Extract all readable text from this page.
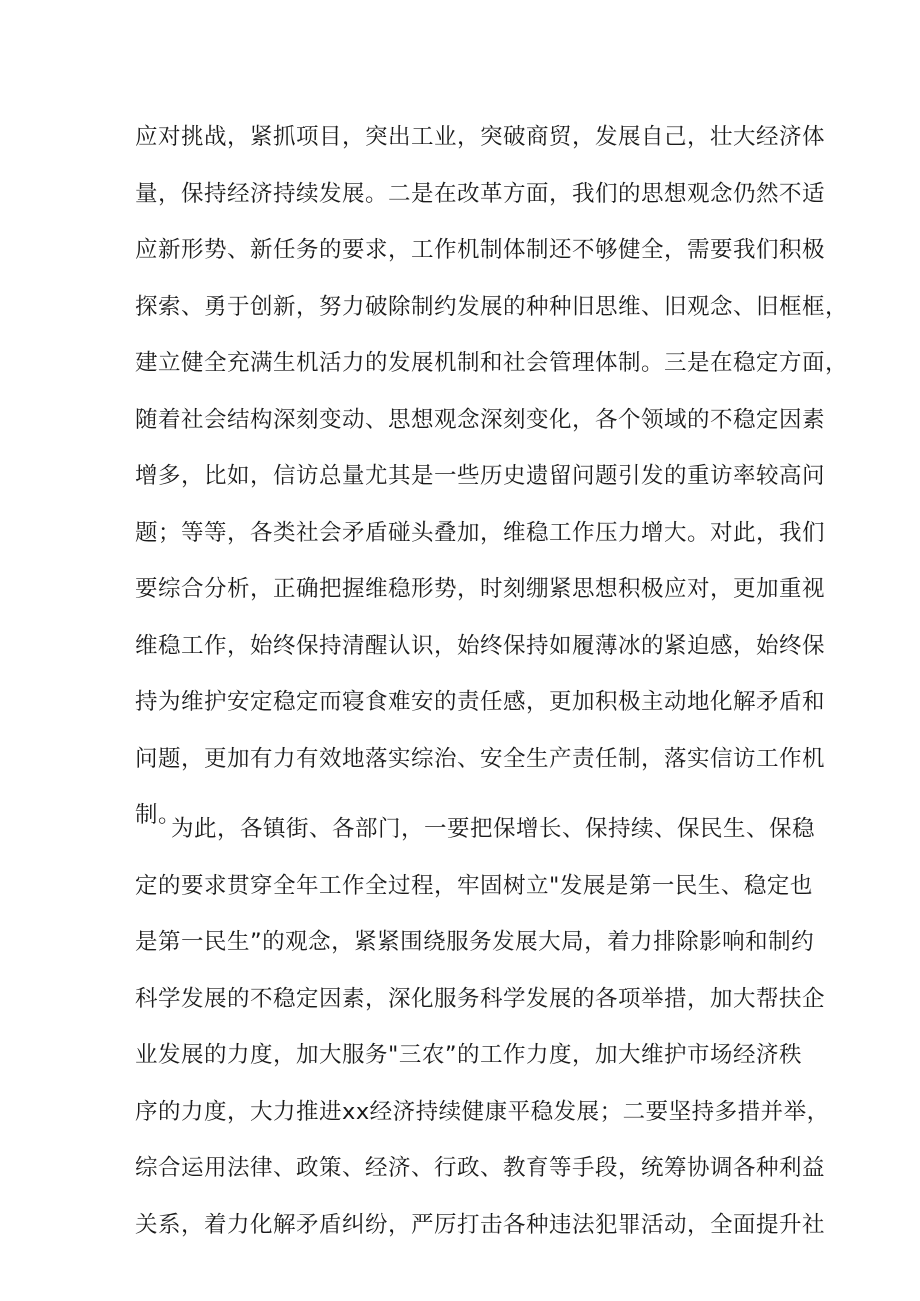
应对挑战，紧抓项目，突出工业，突破商贸，发展自己，壮大经济体
量，保持经济持续发展。二是在改革方面，我们的思想观念仍然不适
应新形势、新任务的要求，工作机制体制还不够健全，需要我们积极
探索、勇于创新，努力破除制约发展的种种旧思维、旧观念、旧框框，
建立健全充满生机活力的发展机制和社会管理体制。三是在稳定方面，
随着社会结构深刻变动、思想观念深刻变化，各个领域的不稳定因素
增多，比如，信访总量尤其是一些历史遗留问题引发的重访率较高问
题；等等，各类社会矛盾碰头叠加，维稳工作压力增大。对此，我们
要综合分析，正确把握维稳形势，时刻绷紧思想积极应对，更加重视
维稳工作，始终保持清醒认识，始终保持如履薄冰的紧迫感，始终保
持为维护安定稳定而寝食难安的责任感，更加积极主动地化解矛盾和
问题，更加有力有效地落实综治、安全生产责任制，落实信访工作机
制。

为此，各镇街、各部门，一要把保增长、保持续、保民生、保稳
定的要求贯穿全年工作全过程，牢固树立"发展是第一民生、稳定也
是第一民生”的观念，紧紧围绕服务发展大局，着力排除影响和制约
科学发展的不稳定因素，深化服务科学发展的各项举措，加大帮扶企
业发展的力度，加大服务"三农”的工作力度，加大维护市场经济秩
序的力度，大力推进xx经济持续健康平稳发展；二要坚持多措并举，
综合运用法律、政策、经济、行政、教育等手段，统筹协调各种利益
关系，着力化解矛盾纠纷，严厉打击各种违法犯罪活动，全面提升社
